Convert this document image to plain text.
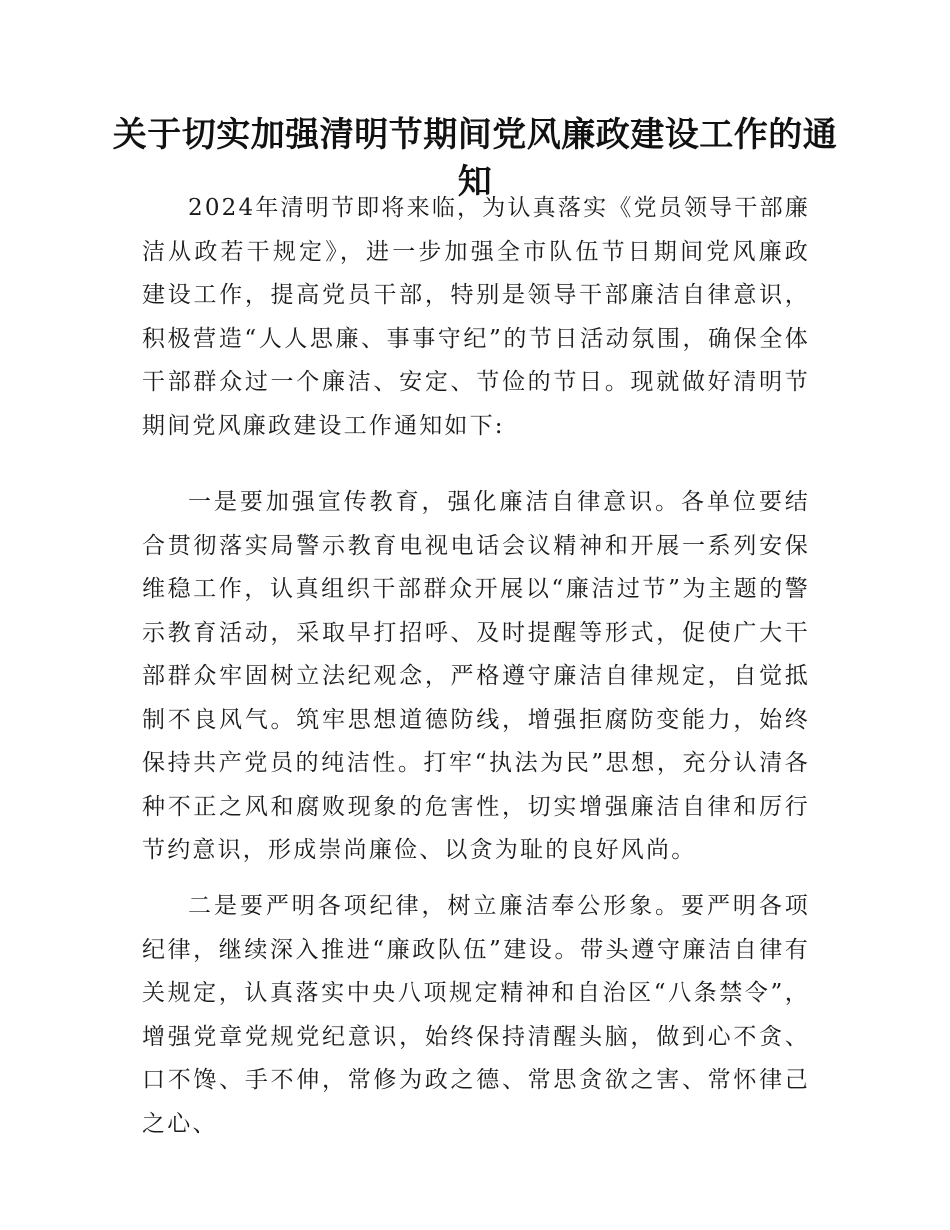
关于切实加强清明节期间党风廉政建设工作的通知

2024年清明节即将来临，为认真落实《党员领导干部廉洁从政若干规定》，进一步加强全市队伍节日期间党风廉政建设工作，提高党员干部，特别是领导干部廉洁自律意识，积极营造“人人思廉、事事守纪”的节日活动氛围，确保全体干部群众过一个廉洁、安定、节俭的节日。现就做好清明节期间党风廉政建设工作通知如下:

一是要加强宣传教育，强化廉洁自律意识。各单位要结合贯彻落实局警示教育电视电话会议精神和开展一系列安保维稳工作，认真组织干部群众开展以“廉洁过节”为主题的警示教育活动，采取早打招呼、及时提醒等形式，促使广大干部群众牢固树立法纪观念，严格遵守廉洁自律规定，自觉抵制不良风气。筑牢思想道德防线，增强拒腐防变能力，始终保持共产党员的纯洁性。打牢“执法为民”思想，充分认清各种不正之风和腐败现象的危害性，切实增强廉洁自律和厉行节约意识，形成崇尚廉俭、以贪为耻的良好风尚。

二是要严明各项纪律，树立廉洁奉公形象。要严明各项纪律，继续深入推进“廉政队伍”建设。带头遵守廉洁自律有关规定，认真落实中央八项规定精神和自治区“八条禁令”，增强党章党规党纪意识，始终保持清醒头脑，做到心不贪、口不馋、手不伸，常修为政之德、常思贪欲之害、常怀律己之心、
